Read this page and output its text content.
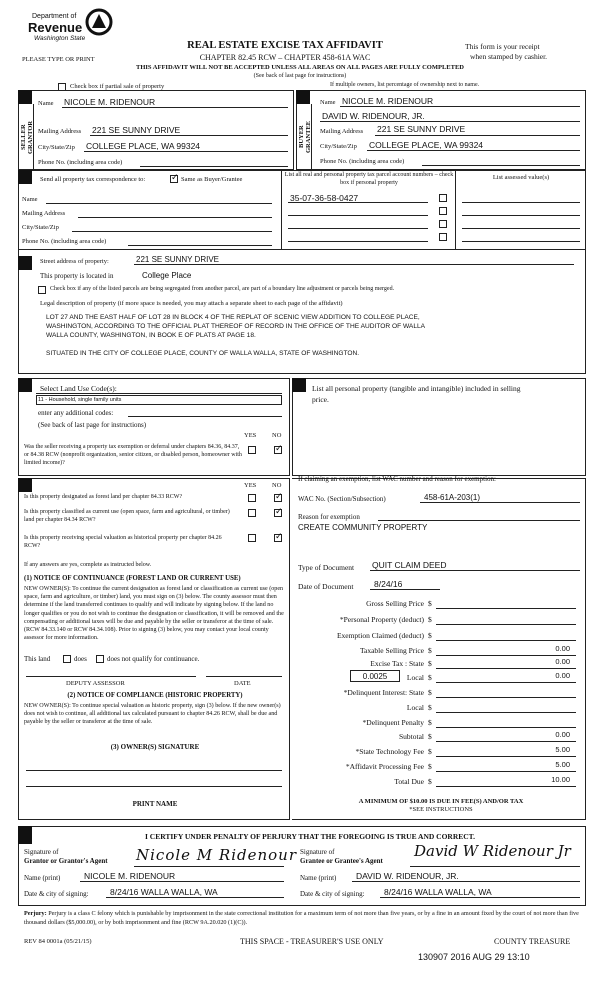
Department of
Revenue
Washington State
PLEASE TYPE OR PRINT
REAL ESTATE EXCISE TAX AFFIDAVIT
CHAPTER 82.45 RCW – CHAPTER 458-61A WAC
THIS AFFIDAVIT WILL NOT BE ACCEPTED UNLESS ALL AREAS ON ALL PAGES ARE FULLY COMPLETED
(See back of last page for instructions)
This form is your receipt
when stamped by cashier.
Check box if partial sale of property	If multiple owners, list percentage of ownership next to name.
SELLER GRANTOR
Name NICOLE M. RIDENOUR
Mailing Address 221 SE SUNNY DRIVE
City/State/Zip COLLEGE PLACE, WA 99324
Phone No. (including area code)
BUYER GRANTEE
Name NICOLE M. RIDENOUR
DAVID W. RIDENOUR, JR.
Mailing Address 221 SE SUNNY DRIVE
City/State/Zip COLLEGE PLACE, WA 99324
Phone No. (including area code)
Send all property tax correspondence to:
✓	Same as Buyer/Grantee
List all real and personal property tax parcel account numbers – check box if personal property
List assessed value(s)
Name
Mailing Address
City/State/Zip
Phone No. (including area code)
35-07-36-58-0427
Street address of property:	221 SE SUNNY DRIVE
This property is located in	College Place
Check box if any of the listed parcels are being segregated from another parcel, are part of a boundary line adjustment or parcels being merged.
Legal description of property (if more space is needed, you may attach a separate sheet to each page of the affidavit)
LOT 27 AND THE EAST HALF OF LOT 28 IN BLOCK 4 OF THE REPLAT OF SCENIC VIEW ADDITION TO COLLEGE PLACE,
WASHINGTON, ACCORDING TO THE OFFICIAL PLAT THEREOF OF RECORD IN THE OFFICE OF THE AUDITOR OF WALLA
WALLA COUNTY, WASHINGTON, IN BOOK E OF PLATS AT PAGE 18.
SITUATED IN THE CITY OF COLLEGE PLACE, COUNTY OF WALLA WALLA, STATE OF WASHINGTON.
Select Land Use Code(s):
11 - Household, single family units
enter any additional codes:
(See back of last page for instructions)
YES NO
Was the seller receiving a property tax exemption or deferral under chapters 84.36, 84.37, or 84.38 RCW (nonprofit organization, senior citizen, or disabled person, homeowner with limited income)?
✓
List all personal property (tangible and intangible) included in selling
price.
YES NO
Is this property designated as forest land per chapter 84.33 RCW?
✓
Is this property classified as current use (open space, farm and agricultural, or timber) land per chapter 84.34 RCW?
✓
Is this property receiving special valuation as historical property per chapter 84.26 RCW?
✓
If any answers are yes, complete as instructed below.
(1) NOTICE OF CONTINUANCE (FOREST LAND OR CURRENT USE)
NEW OWNER(S): To continue the current designation as forest land or classification as current use (open space, farm and agriculture, or timber) land, you must sign on (3) below. The county assessor must then determine if the land transferred continues to qualify and will indicate by signing below. If the land no longer qualifies or you do not wish to continue the designation or classification, it will be removed and the compensating or additional taxes will be due and payable by the seller or transferor at the time of sale. (RCW 84.33.140 or RCW 84.34.108). Prior to signing (3) below, you may contact your local county assessor for more information.
This land	does	does not qualify for continuance.
DEPUTY ASSESSOR	DATE
(2) NOTICE OF COMPLIANCE (HISTORIC PROPERTY)
NEW OWNER(S): To continue special valuation as historic property, sign (3) below. If the new owner(s) does not wish to continue, all additional tax calculated pursuant to chapter 84.26 RCW, shall be due and payable by the seller or transferor at the time of sale.
(3) OWNER(S) SIGNATURE
PRINT NAME
If claiming an exemption, list WAC number and reason for exemption:
WAC No. (Section/Subsection)	458-61A-203(1)
Reason for exemption
CREATE COMMUNITY PROPERTY
Type of Document QUIT CLAIM DEED
Date of Document 8/24/16
Gross Selling Price $
*Personal Property (deduct) $
Exemption Claimed (deduct) $
Taxable Selling Price $	0.00
Excise Tax : State $	0.00
0.0025	Local $	0.00
*Delinquent Interest: State $
Local $
*Delinquent Penalty $
Subtotal $	0.00
*State Technology Fee $	5.00
*Affidavit Processing Fee $	5.00
Total Due $	10.00
A MINIMUM OF $10.00 IS DUE IN FEE(S) AND/OR TAX
*SEE INSTRUCTIONS
I CERTIFY UNDER PENALTY OF PERJURY THAT THE FOREGOING IS TRUE AND CORRECT.
Signature of
Grantor or Grantor's Agent Nicole M Ridenour Signature of
Grantee or Grantee's Agent
David W Ridenour Jr
Name (print)	NICOLE M. RIDENOUR	Name (print) DAVID W. RIDENOUR, JR.
Date & city of signing:	8/24/16 WALLA WALLA, WA	Date & city of signing: 8/24/16 WALLA WALLA, WA
Perjury: Perjury is a class C felony which is punishable by imprisonment in the state correctional institution for a maximum term of not more than five years, or by a fine in an amount fixed by the court of not more than five thousand dollars ($5,000.00), or by both imprisonment and fine (RCW 9A.20.020 (1)(C)).
REV 84 0001a (05/21/15)	THIS SPACE - TREASURER'S USE ONLY	COUNTY TREASURE
130907 2016 AUG 29 13:10
